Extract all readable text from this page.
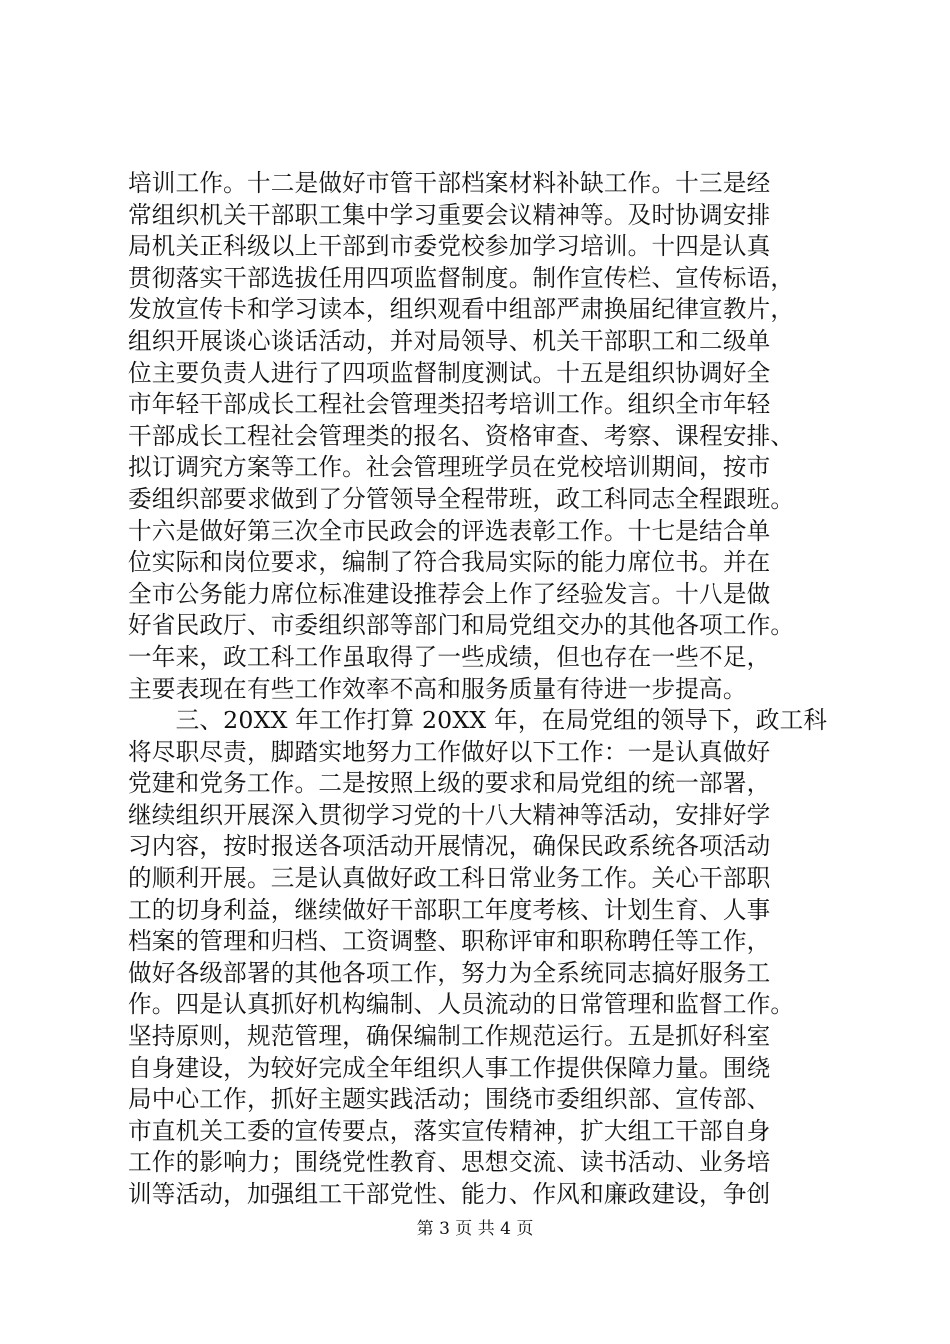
培训工作。十二是做好市管干部档案材料补缺工作。十三是经
常组织机关干部职工集中学习重要会议精神等。及时协调安排
局机关正科级以上干部到市委党校参加学习培训。十四是认真
贯彻落实干部选拔任用四项监督制度。制作宣传栏、宣传标语，
发放宣传卡和学习读本，组织观看中组部严肃换届纪律宣教片，
组织开展谈心谈话活动，并对局领导、机关干部职工和二级单
位主要负责人进行了四项监督制度测试。十五是组织协调好全
市年轻干部成长工程社会管理类招考培训工作。组织全市年轻
干部成长工程社会管理类的报名、资格审查、考察、课程安排、
拟订调究方案等工作。社会管理班学员在党校培训期间，按市
委组织部要求做到了分管领导全程带班，政工科同志全程跟班。
十六是做好第三次全市民政会的评选表彰工作。十七是结合单
位实际和岗位要求，编制了符合我局实际的能力席位书。并在
全市公务能力席位标准建设推荐会上作了经验发言。十八是做
好省民政厅、市委组织部等部门和局党组交办的其他各项工作。
一年来，政工科工作虽取得了一些成绩，但也存在一些不足，
主要表现在有些工作效率不高和服务质量有待进一步提高。
　　三、20XX 年工作打算 20XX 年，在局党组的领导下，政工科
将尽职尽责，脚踏实地努力工作做好以下工作：一是认真做好
党建和党务工作。二是按照上级的要求和局党组的统一部署，
继续组织开展深入贯彻学习党的十八大精神等活动，安排好学
习内容，按时报送各项活动开展情况，确保民政系统各项活动
的顺利开展。三是认真做好政工科日常业务工作。关心干部职
工的切身利益，继续做好干部职工年度考核、计划生育、人事
档案的管理和归档、工资调整、职称评审和职称聘任等工作，
做好各级部署的其他各项工作，努力为全系统同志搞好服务工
作。四是认真抓好机构编制、人员流动的日常管理和监督工作。
坚持原则，规范管理，确保编制工作规范运行。五是抓好科室
自身建设，为较好完成全年组织人事工作提供保障力量。围绕
局中心工作，抓好主题实践活动；围绕市委组织部、宣传部、
市直机关工委的宣传要点，落实宣传精神，扩大组工干部自身
工作的影响力；围绕党性教育、思想交流、读书活动、业务培
训等活动，加强组工干部党性、能力、作风和廉政建设，争创
第 3 页 共 4 页
